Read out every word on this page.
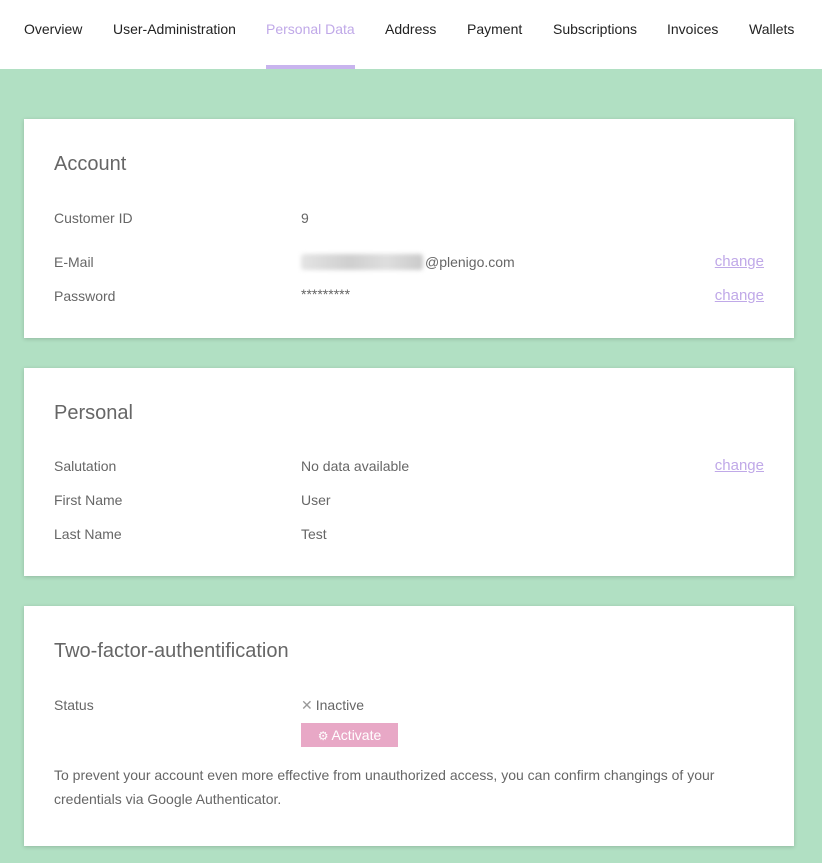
Overview User-Administration Personal Data Address Payment Subscriptions Invoices Wallets
Account
Customer ID	9
E-Mail	@plenigo.com	change
Password	*********	change
Personal
Salutation	No data available	change
First Name	User
Last Name	Test
Two-factor-authentification
Status	✕ Inactive
⚙ Activate
To prevent your account even more effective from unauthorized access, you can confirm changings of your credentials via Google Authenticator.
